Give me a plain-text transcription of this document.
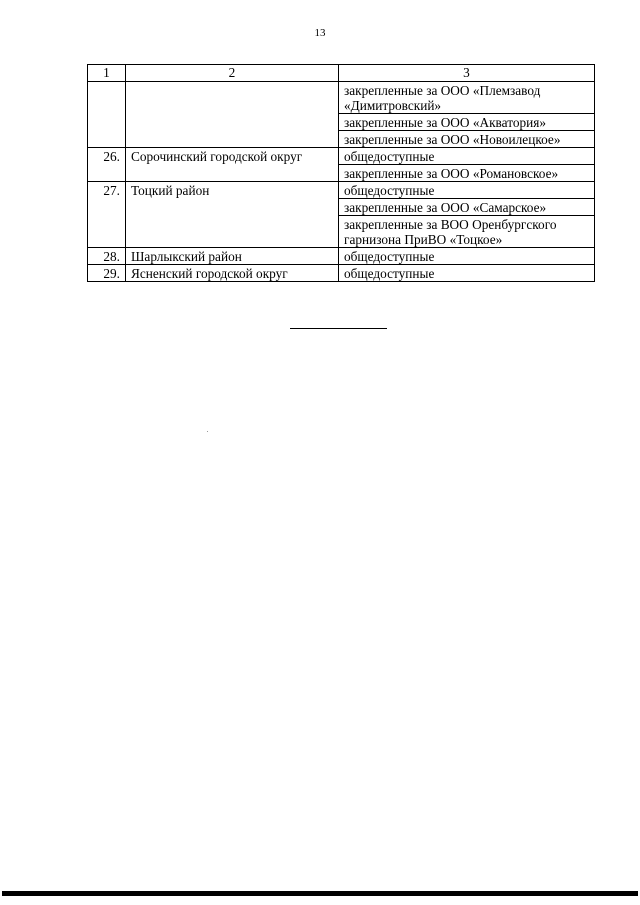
13
1	2	3
		закрепленные за ООО «Племзавод «Димитровский»
		закрепленные за ООО «Акватория»
		закрепленные за ООО «Новоилецкое»
26.	Сорочинский городской округ	общедоступные
		закрепленные за ООО «Романовское»
27.	Тоцкий район	общедоступные
		закрепленные за ООО «Самарское»
		закрепленные за ВОО Оренбургского гарнизона ПриВО «Тоцкое»
28.	Шарлыкский район	общедоступные
29.	Ясненский городской округ	общедоступные
